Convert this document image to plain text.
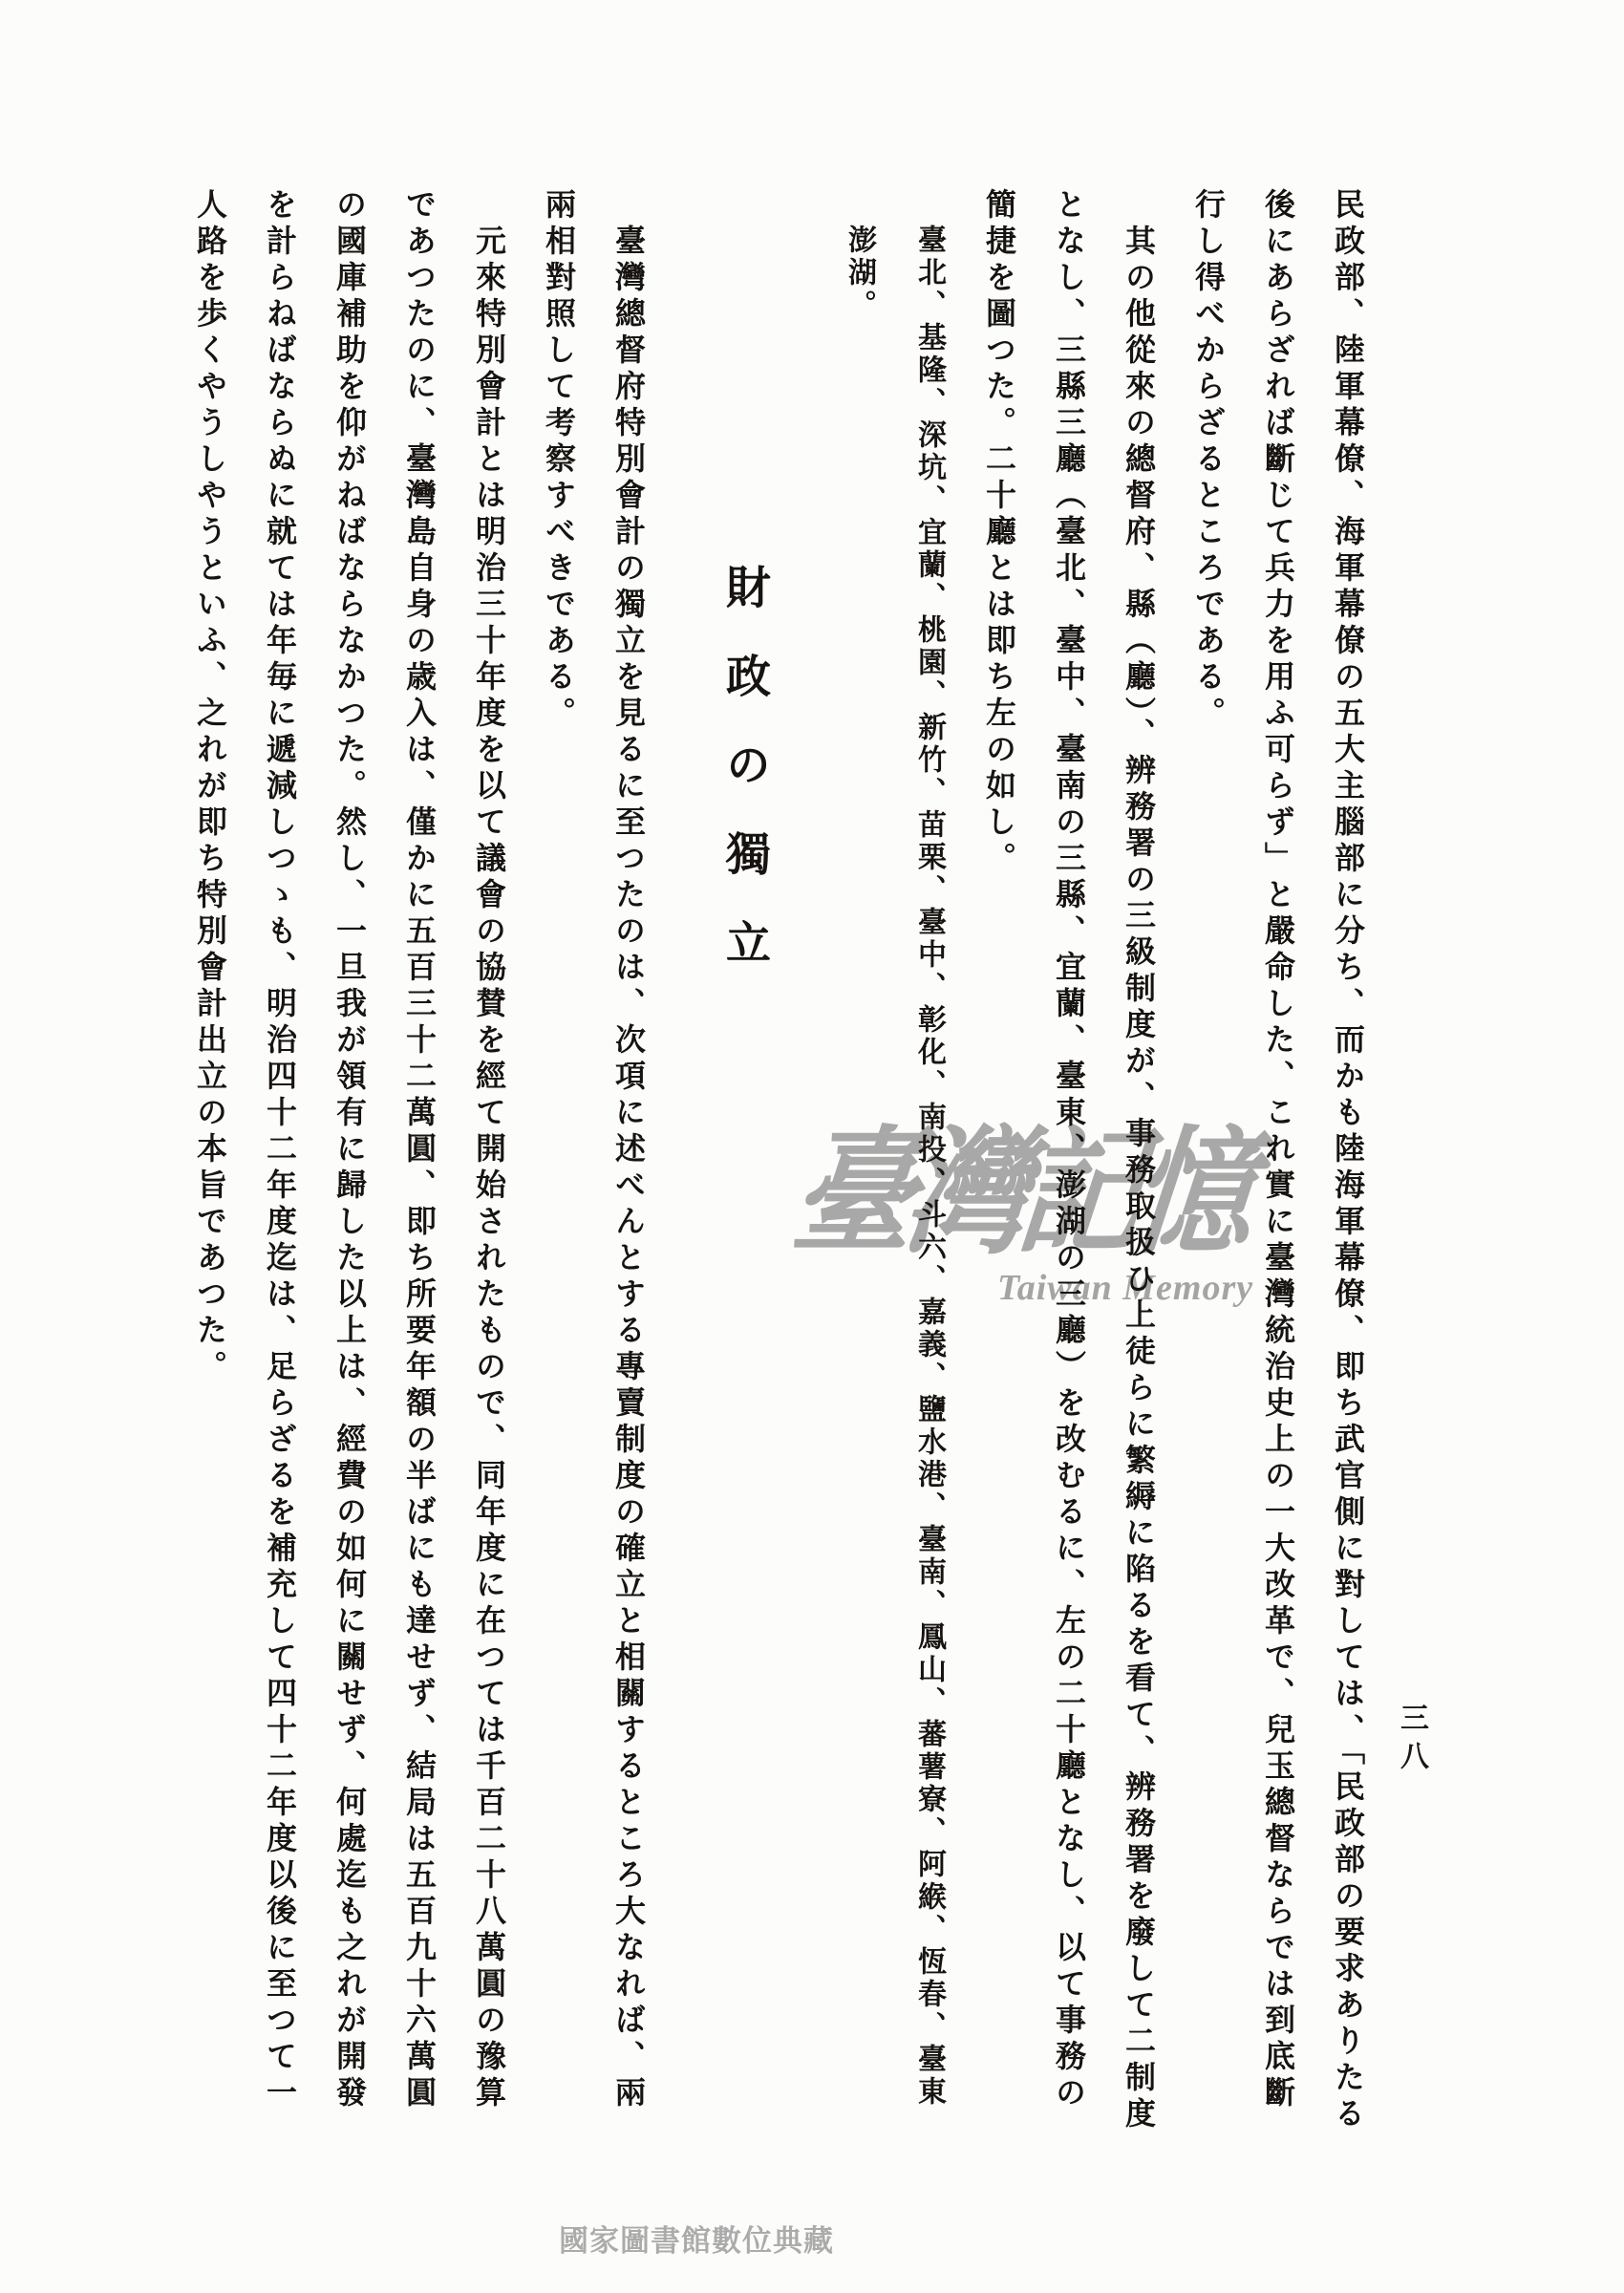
臺灣記憶
Taiwan Memory	民政部、陸軍幕僚、海軍幕僚の五大主腦部に分ち、而かも陸海軍幕僚、即ち武官側に對しては、「民政部の要求ありたる
後にあらざれば斷じて兵力を用ふ可らず」と嚴命した、これ實に臺灣統治史上の一大改革で、兒玉總督ならでは到底斷
行し得べからざるところである。
其の他從來の總督府、縣（廳）、辨務署の三級制度が、事務取扱ひ上徒らに繁縟に陷るを看て、辨務署を廢して二制度
となし、三縣三廳（臺北、臺中、臺南の三縣、宜蘭、臺東、澎湖の三廳）を改むるに、左の二十廳となし、以て事務の
簡捷を圖つた。二十廳とは即ち左の如し。
臺北、基隆、深坑、宜蘭、桃園、新竹、苗栗、臺中、彰化、南投、斗六、嘉義、鹽水港、臺南、鳳山、蕃薯寮、阿緱、恆春、臺東
澎湖。
財政の獨立
臺灣總督府特別會計の獨立を見るに至つたのは、次項に述べんとする專賣制度の確立と相關するところ大なれば、兩
兩相對照して考察すべきである。
元來特別會計とは明治三十年度を以て議會の協賛を經て開始されたもので、同年度に在つては千百二十八萬圓の豫算
であつたのに、臺灣島自身の歳入は、僅かに五百三十二萬圓、即ち所要年額の半ばにも達せず、結局は五百九十六萬圓
の國庫補助を仰がねばならなかつた。然し、一旦我が領有に歸した以上は、經費の如何に關せず、何處迄も之れが開發
を計らねばならぬに就ては年毎に遞減しつゝも、明治四十二年度迄は、足らざるを補充して四十二年度以後に至つて一
人路を歩くやうしやうといふ、之れが即ち特別會計出立の本旨であつた。
三八
國家圖書館數位典藏
